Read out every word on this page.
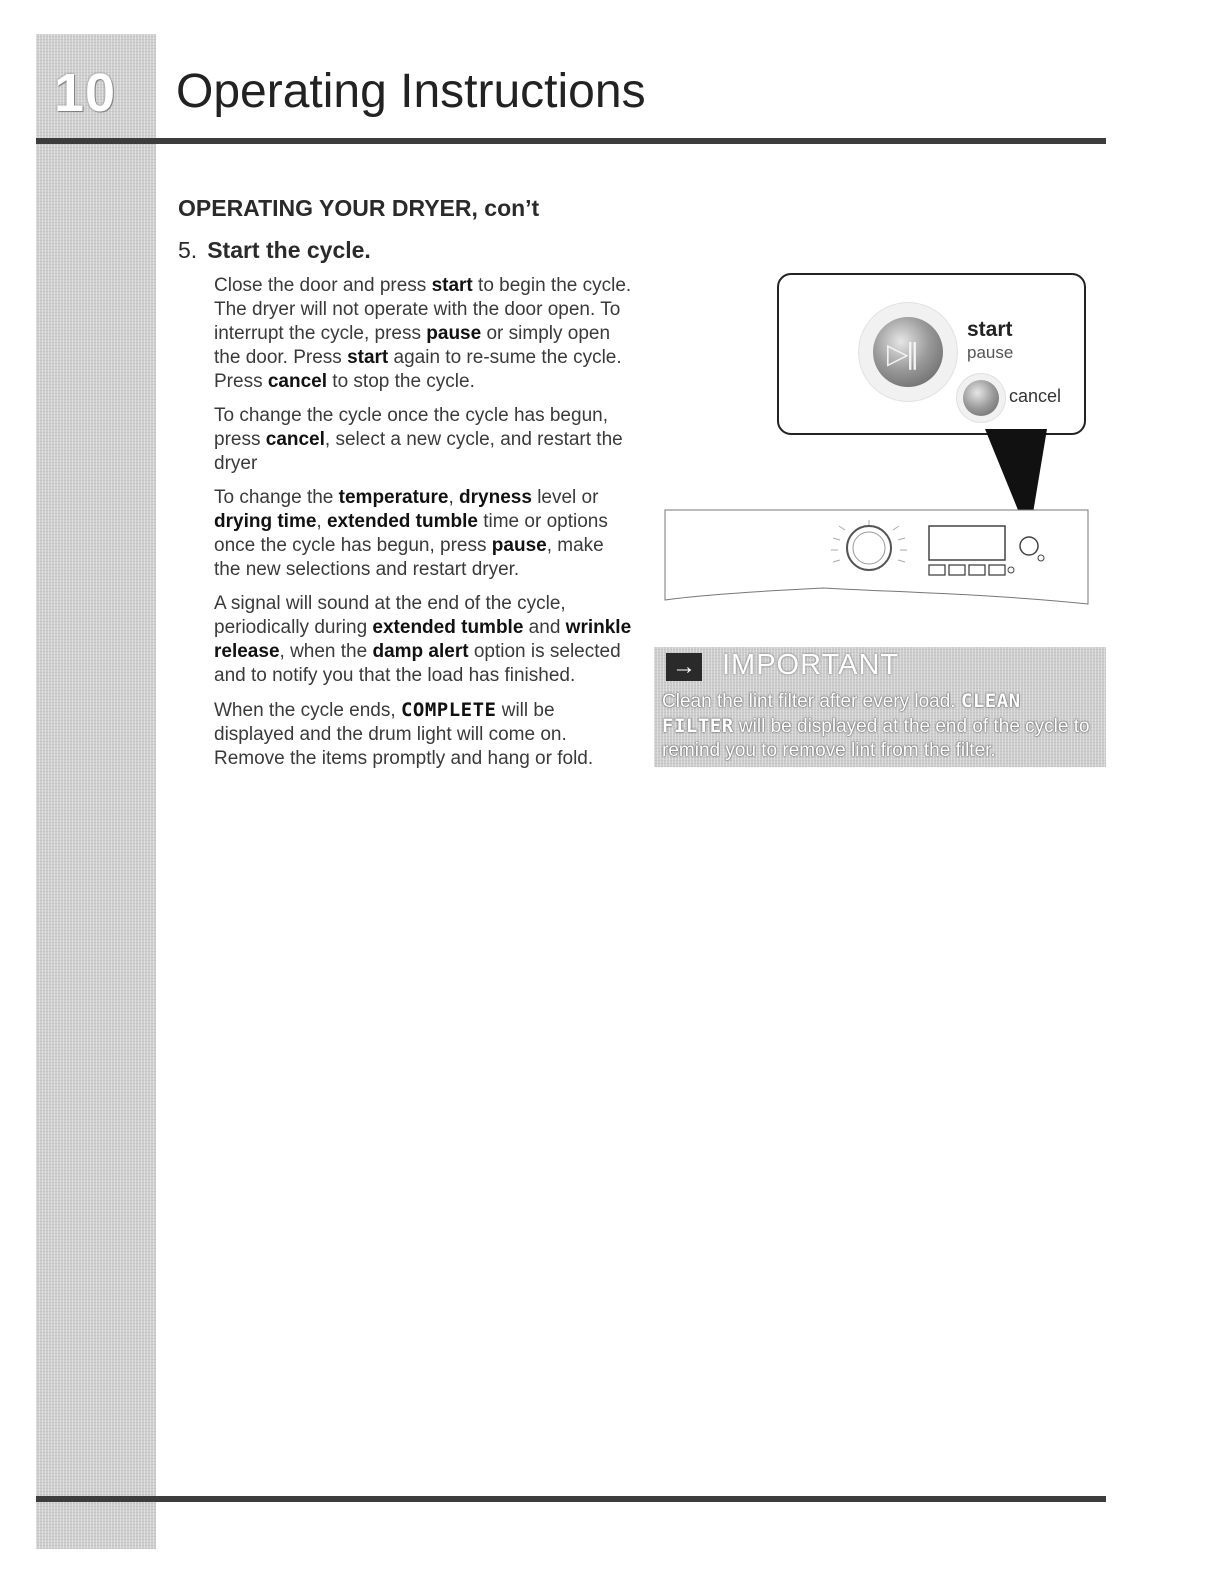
10 Operating Instructions
OPERATING YOUR DRYER, con’t
5. Start the cycle.

Close the door and press start to begin the cycle. The dryer will not operate with the door open. To interrupt the cycle, press pause or simply open the door. Press start again to re-sume the cycle. Press cancel to stop the cycle.

To change the cycle once the cycle has begun, press cancel, select a new cycle, and restart the dryer

To change the temperature, dryness level or drying time, extended tumble time or options once the cycle has begun, press pause, make the new selections and restart dryer.

A signal will sound at the end of the cycle, periodically during extended tumble and wrinkle release, when the damp alert option is selected and to notify you that the load has finished.

When the cycle ends, COMPLETE will be displayed and the drum light will come on. Remove the items promptly and hang or fold.

▷‖
start
pause
cancel
→ IMPORTANT
Clean the lint filter after every load. CLEAN FILTER will be displayed at the end of the cycle to remind you to remove lint from the filter.
